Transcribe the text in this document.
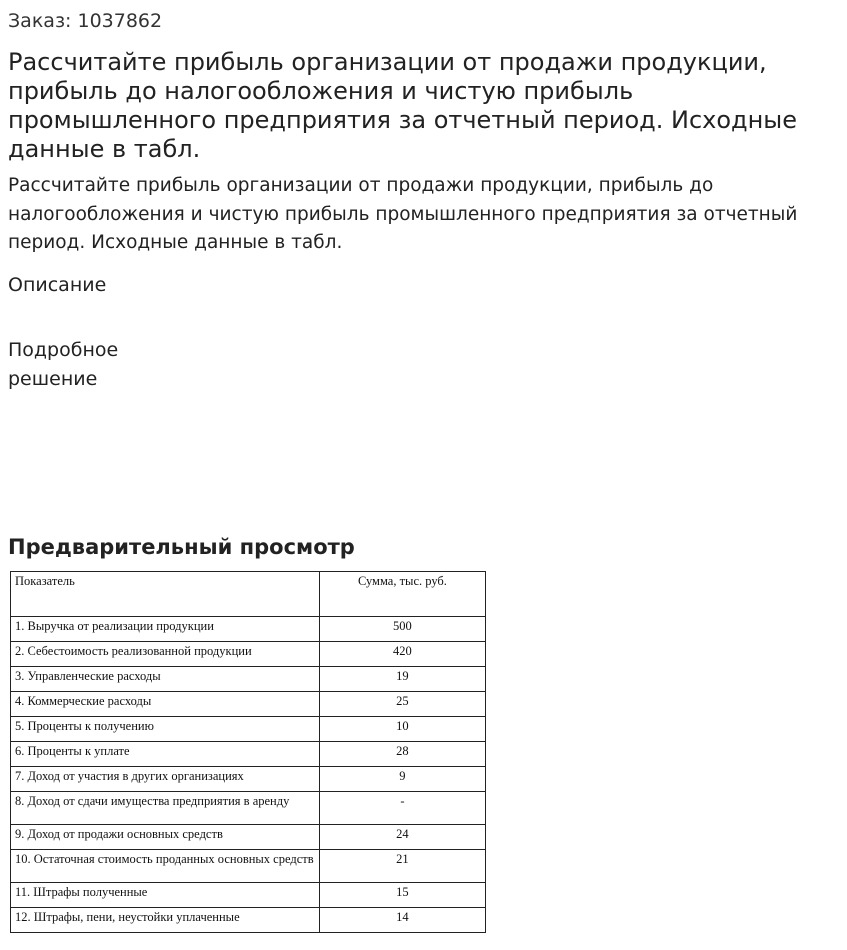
Заказ: 1037862
Рассчитайте прибыль организации от продажи продукции, прибыль до налогообложения и чистую прибыль промышленного предприятия за отчетный период. Исходные данные в табл.

Рассчитайте прибыль организации от продажи продукции, прибыль до налогообложения и чистую прибыль промышленного предприятия за отчетный период. Исходные данные в табл.

Описание
Подробное решение
Предварительный просмотр
Показатель	Сумма, тыс. руб.
1. Выручка от реализации продукции	500
2. Себестоимость реализованной продукции	420
3. Управленческие расходы	19
4. Коммерческие расходы	25
5. Проценты к получению	10
6. Проценты к уплате	28
7. Доход от участия в других организациях	9
8. Доход от сдачи имущества предприятия в аренду	-
9. Доход от продажи основных средств	24
10. Остаточная стоимость проданных основных средств	21
11. Штрафы полученные	15
12. Штрафы, пени, неустойки уплаченные	14
